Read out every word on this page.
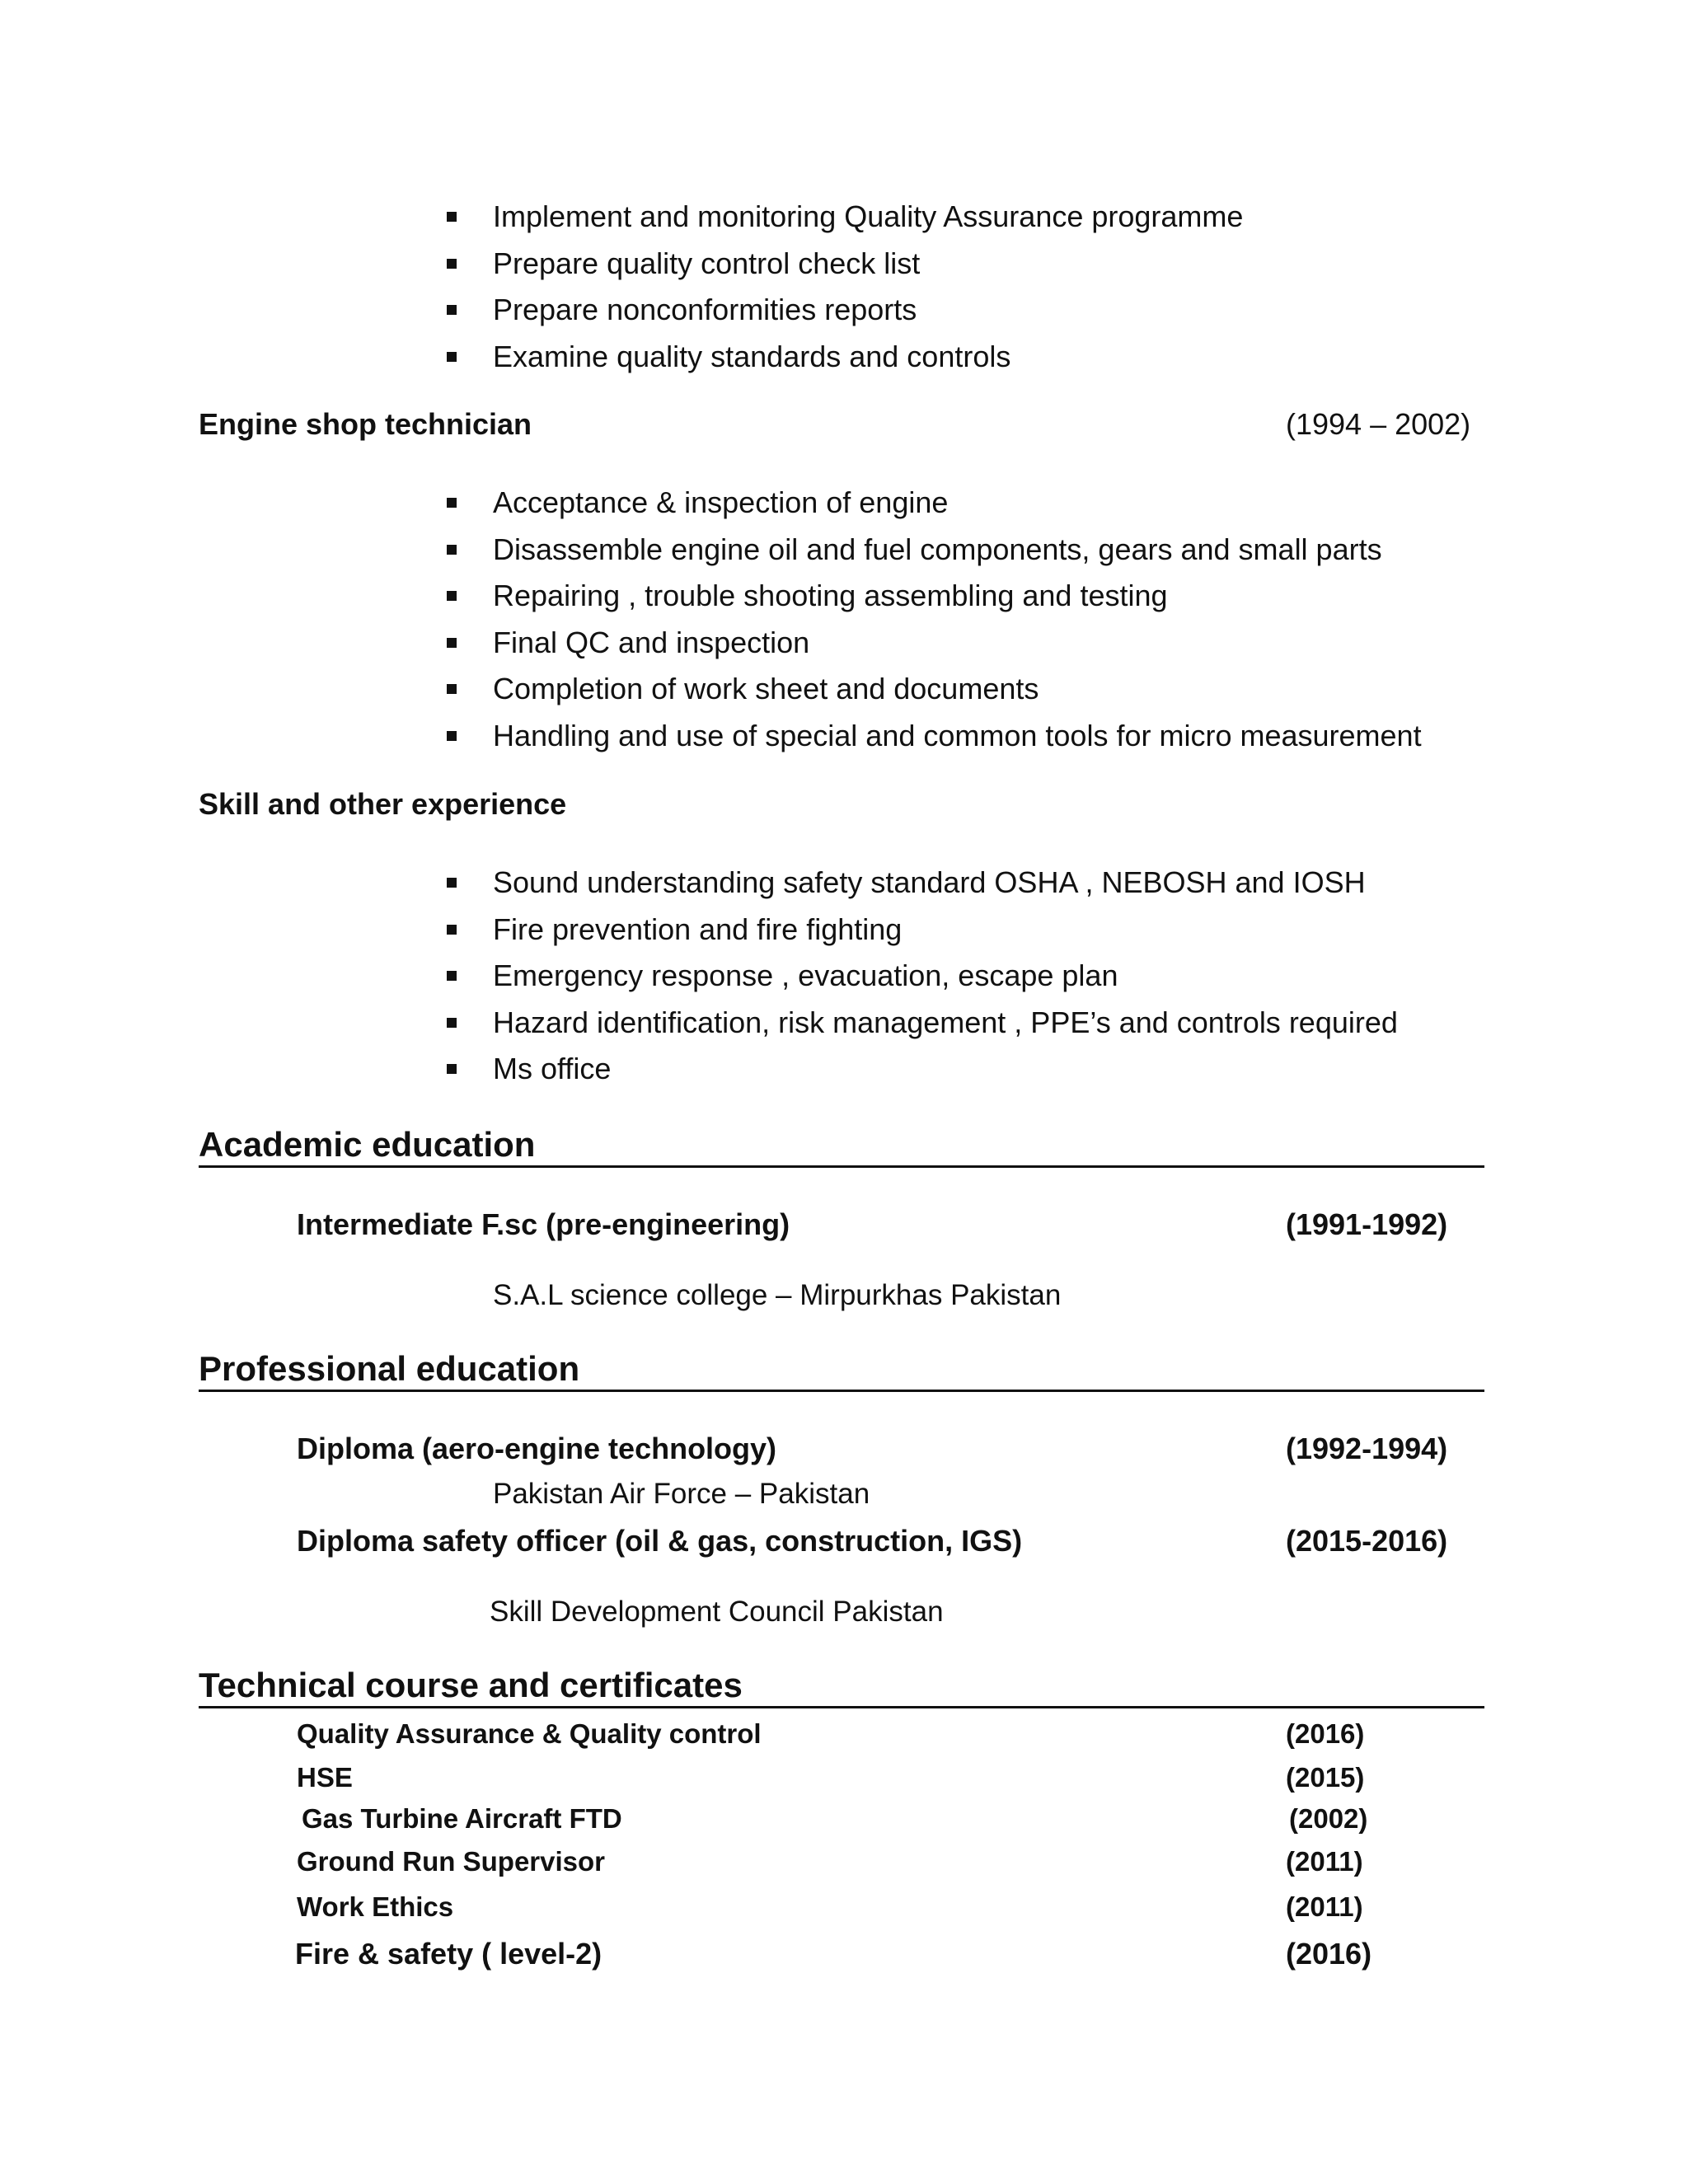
Implement and monitoring Quality Assurance programme
Prepare quality control check list
Prepare nonconformities reports
Examine quality standards and controls
Engine shop technician	(1994 – 2002)
Acceptance & inspection of engine
Disassemble engine oil and fuel components, gears and small parts
Repairing , trouble shooting assembling and testing
Final QC and inspection
Completion of work sheet and documents
Handling and use of special and common tools for micro measurement
Skill and other experience
Sound understanding safety standard OSHA , NEBOSH and IOSH
Fire prevention and fire fighting
Emergency response , evacuation, escape plan
Hazard identification, risk management , PPE’s and controls required
Ms office
Academic education
Intermediate F.sc (pre-engineering)	(1991-1992)
S.A.L science college – Mirpurkhas Pakistan
Professional education
Diploma (aero-engine technology)	(1992-1994)
Pakistan Air Force – Pakistan
Diploma safety officer (oil & gas, construction, IGS)	(2015-2016)
Skill Development Council Pakistan
Technical course and certificates
Quality Assurance & Quality control	(2016)
HSE	(2015)
Gas Turbine Aircraft FTD	(2002)
Ground Run Supervisor	(2011)
Work Ethics	(2011)
Fire & safety ( level-2)	(2016)
